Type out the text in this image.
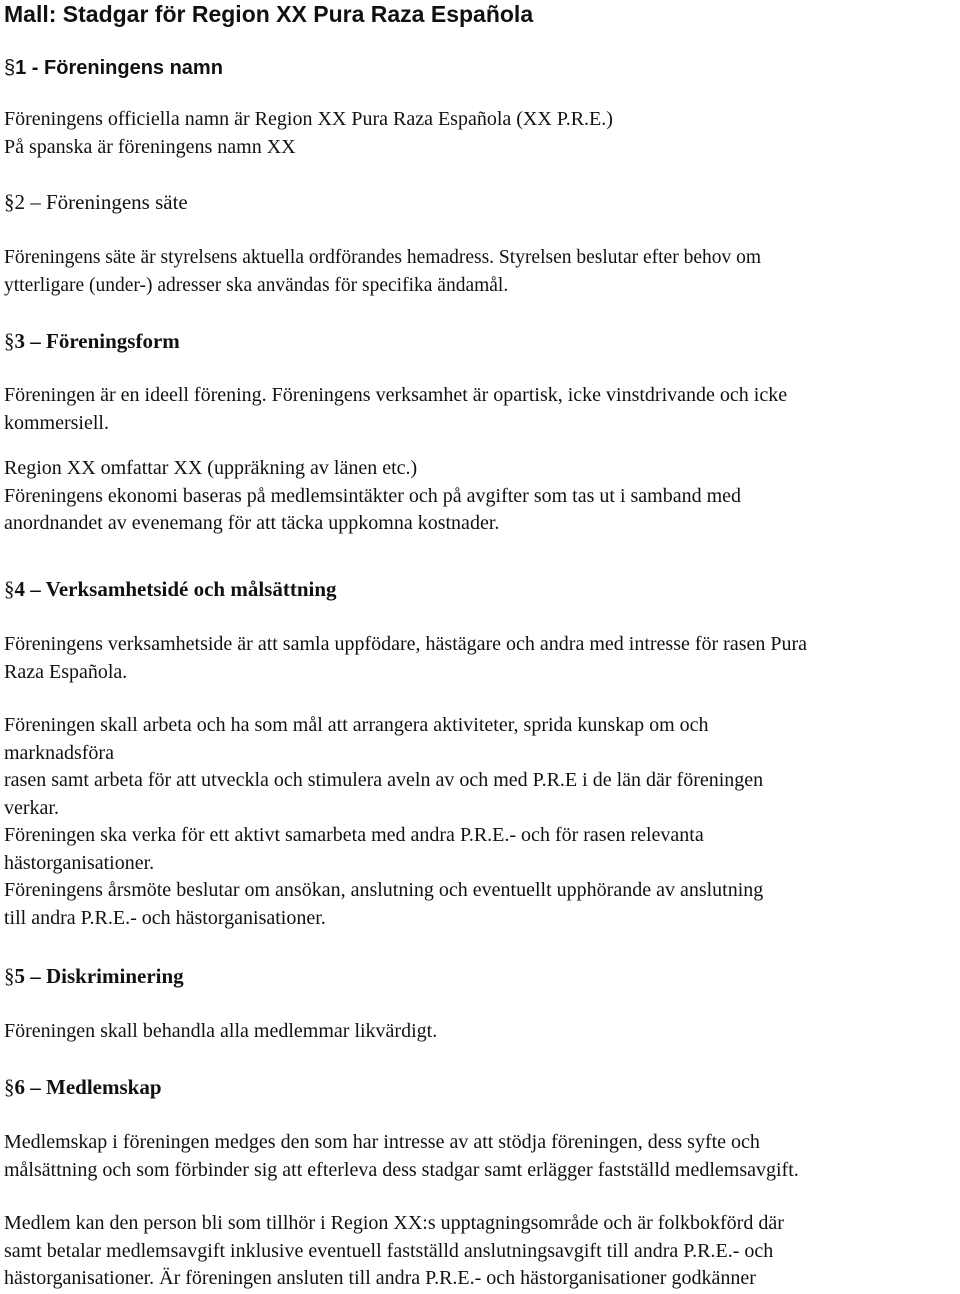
Mall: Stadgar för Region XX Pura Raza Española
§1 - Föreningens namn
Föreningens officiella namn är Region XX Pura Raza Española (XX P.R.E.)
På spanska är föreningens namn XX
§2 – Föreningens säte
Föreningens säte är styrelsens aktuella ordförandes hemadress. Styrelsen beslutar efter behov om
ytterligare (under-) adresser ska användas för specifika ändamål.
§3 – Föreningsform
Föreningen är en ideell förening. Föreningens verksamhet är opartisk, icke vinstdrivande och icke
kommersiell.
Region XX omfattar XX (uppräkning av länen etc.)
Föreningens ekonomi baseras på medlemsintäkter och på avgifter som tas ut i samband med
anordnandet av evenemang för att täcka uppkomna kostnader.
§4 – Verksamhetsidé och målsättning
Föreningens verksamhetside är att samla uppfödare, hästägare och andra med intresse för rasen Pura
Raza Española.
Föreningen skall arbeta och ha som mål att arrangera aktiviteter, sprida kunskap om och
marknadsföra
rasen samt arbeta för att utveckla och stimulera aveln av och med P.R.E i de län där föreningen
verkar.
Föreningen ska verka för ett aktivt samarbeta med andra P.R.E.- och för rasen relevanta
hästorganisationer.
Föreningens årsmöte beslutar om ansökan, anslutning och eventuellt upphörande av anslutning
till andra P.R.E.- och hästorganisationer.
§5 – Diskriminering
Föreningen skall behandla alla medlemmar likvärdigt.
§6 – Medlemskap
Medlemskap i föreningen medges den som har intresse av att stödja föreningen, dess syfte och
målsättning och som förbinder sig att efterleva dess stadgar samt erlägger fastställd medlemsavgift.
Medlem kan den person bli som tillhör i Region XX:s upptagningsområde och är folkbokförd där
samt betalar medlemsavgift inklusive eventuell fastställd anslutningsavgift till andra P.R.E.- och
hästorganisationer. Är föreningen ansluten till andra P.R.E.- och hästorganisationer godkänner
